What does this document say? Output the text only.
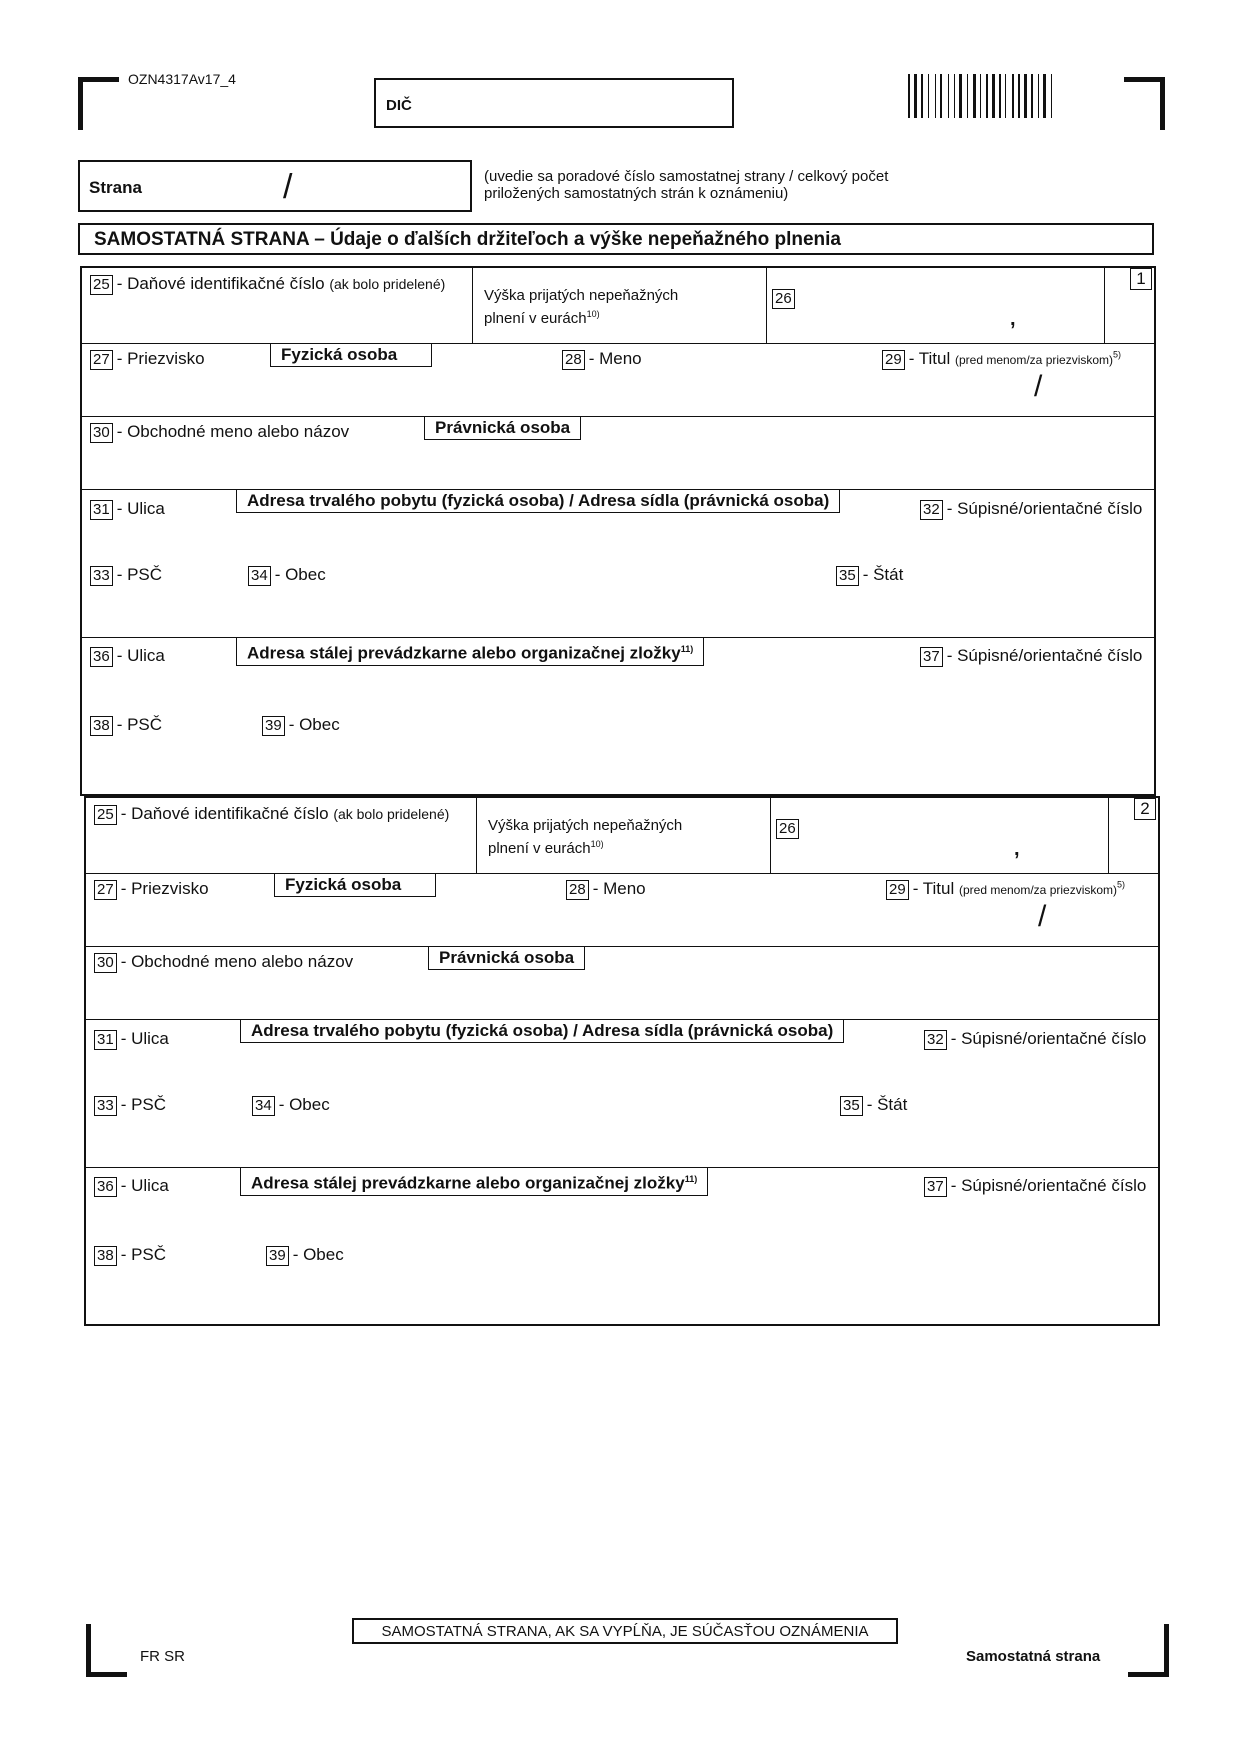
OZN4317Av17_4
DIČ
Strana	/	(uvedie sa poradové číslo samostatnej strany / celkový počet priložených samostatných strán k oznámeniu)
SAMOSTATNÁ STRANA – Údaje o ďalších držiteľoch a výške nepeňažného plnenia
1
25 - Daňové identifikačné číslo (ak bolo pridelené)
Výška prijatých nepeňažných
plnení v eurách$^{10)}$
26
,
27 - Priezvisko	Fyzická osoba	28 - Meno	29 - Titul (pred menom/za priezviskom)$^{5)}$
/
30 - Obchodné meno alebo názov	Právnická osoba
31 - Ulica	Adresa trvalého pobytu (fyzická osoba) / Adresa sídla (právnická osoba)	32 - Súpisné/orientačné číslo
33 - PSČ	34 - Obec	35 - Štát
36 - Ulica	Adresa stálej prevádzkarne alebo organizačnej zložky$^{11)}$	37 - Súpisné/orientačné číslo
38 - PSČ	39 - Obec
2
25 - Daňové identifikačné číslo (ak bolo pridelené)
Výška prijatých nepeňažných
plnení v eurách$^{10)}$
26
,
27 - Priezvisko	Fyzická osoba	28 - Meno	29 - Titul (pred menom/za priezviskom)$^{5)}$
/
30 - Obchodné meno alebo názov	Právnická osoba
31 - Ulica	Adresa trvalého pobytu (fyzická osoba) / Adresa sídla (právnická osoba)	32 - Súpisné/orientačné číslo
33 - PSČ	34 - Obec	35 - Štát
36 - Ulica	Adresa stálej prevádzkarne alebo organizačnej zložky$^{11)}$	37 - Súpisné/orientačné číslo
38 - PSČ	39 - Obec
SAMOSTATNÁ STRANA, AK SA VYPĹŇA, JE SÚČASŤOU OZNÁMENIA
FR SR	Samostatná strana
